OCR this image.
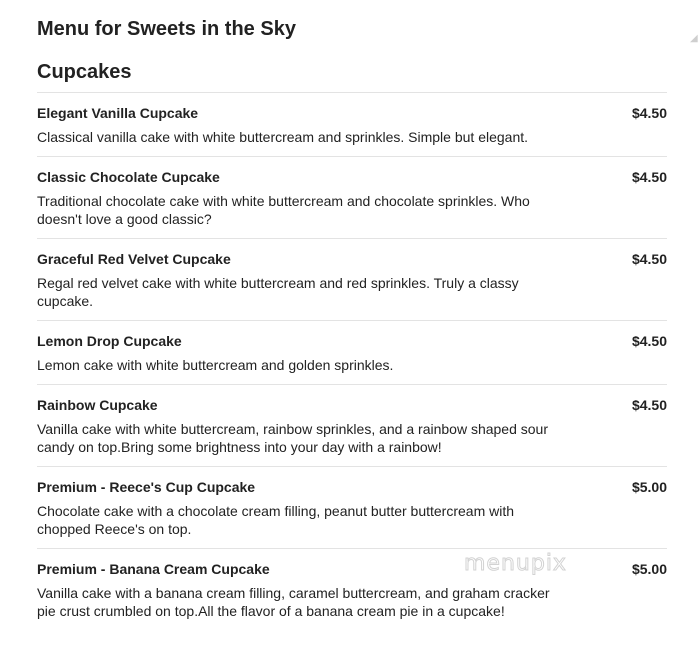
Menu for Sweets in the Sky
Cupcakes
Elegant Vanilla Cupcake	$4.50
Classical vanilla cake with white buttercream and sprinkles. Simple but elegant.
Classic Chocolate Cupcake	$4.50
Traditional chocolate cake with white buttercream and chocolate sprinkles. Who doesn't love a good classic?
Graceful Red Velvet Cupcake	$4.50
Regal red velvet cake with white buttercream and red sprinkles. Truly a classy cupcake.
Lemon Drop Cupcake	$4.50
Lemon cake with white buttercream and golden sprinkles.
Rainbow Cupcake	$4.50
Vanilla cake with white buttercream, rainbow sprinkles, and a rainbow shaped sour candy on top.Bring some brightness into your day with a rainbow!
Premium - Reece's Cup Cupcake	$5.00
Chocolate cake with a chocolate cream filling, peanut butter buttercream with chopped Reece's on top.
Premium - Banana Cream Cupcake	$5.00
Vanilla cake with a banana cream filling, caramel buttercream, and graham cracker pie crust crumbled on top.All the flavor of a banana cream pie in a cupcake!
menupix
◢
